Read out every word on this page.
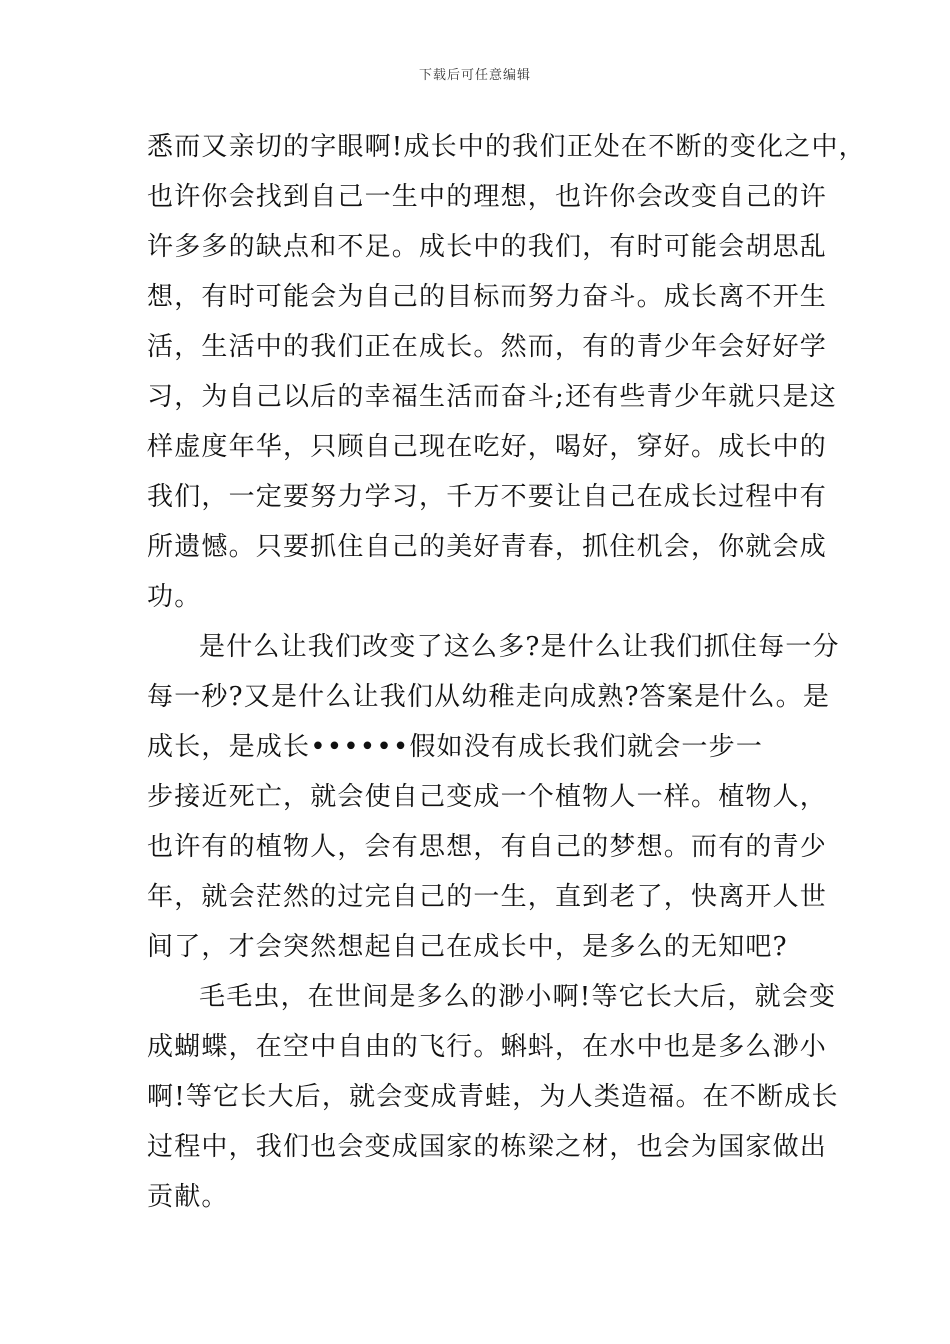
下载后可任意编辑
悉而又亲切的字眼啊!成长中的我们正处在不断的变化之中，
也许你会找到自己一生中的理想，也许你会改变自己的许
许多多的缺点和不足。成长中的我们，有时可能会胡思乱
想，有时可能会为自己的目标而努力奋斗。成长离不开生
活，生活中的我们正在成长。然而，有的青少年会好好学
习，为自己以后的幸福生活而奋斗;还有些青少年就只是这
样虚度年华，只顾自己现在吃好，喝好，穿好。成长中的
我们，一定要努力学习，千万不要让自己在成长过程中有
所遗憾。只要抓住自己的美好青春，抓住机会，你就会成
功。
是什么让我们改变了这么多?是什么让我们抓住每一分
每一秒?又是什么让我们从幼稚走向成熟?答案是什么。是
成长，是成长••••••假如没有成长我们就会一步一
步接近死亡，就会使自己变成一个植物人一样。植物人，
也许有的植物人，会有思想，有自己的梦想。而有的青少
年，就会茫然的过完自己的一生，直到老了，快离开人世
间了，才会突然想起自己在成长中，是多么的无知吧?
毛毛虫，在世间是多么的渺小啊!等它长大后，就会变
成蝴蝶，在空中自由的飞行。蝌蚪，在水中也是多么渺小
啊!等它长大后，就会变成青蛙，为人类造福。在不断成长
过程中，我们也会变成国家的栋梁之材，也会为国家做出
贡献。
